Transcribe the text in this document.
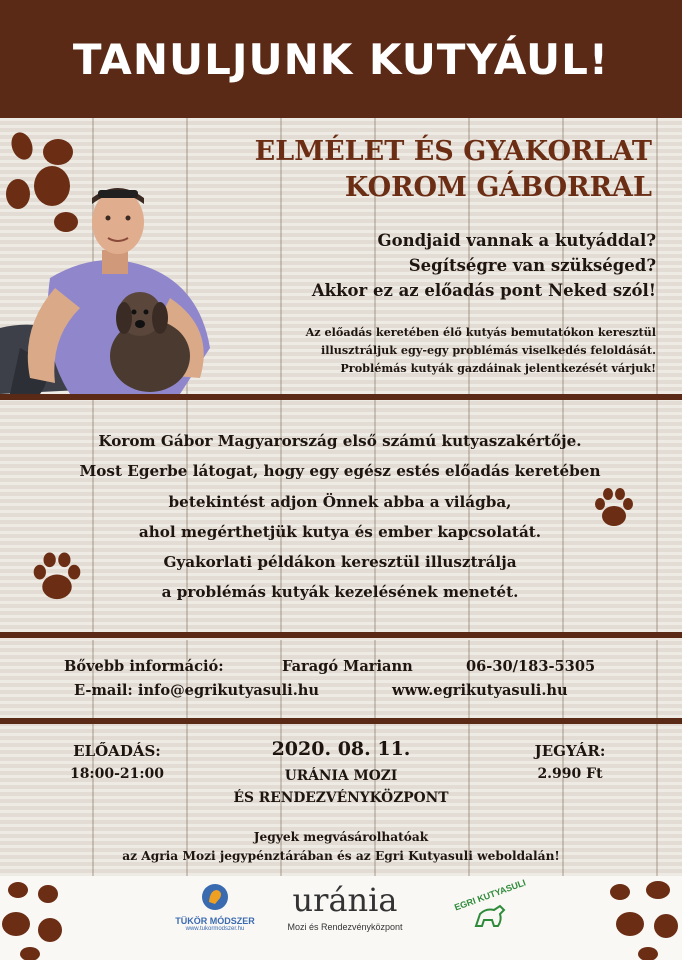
TANULJUNK KUTYÁUL!
ELMÉLET ÉS GYAKORLAT
KOROM GÁBORRAL
Gondjaid vannak a kutyáddal?
Segítségre van szükséged?
Akkor ez az előadás pont Neked szól!
Az előadás keretében élő kutyás bemutatókon keresztül
illusztráljuk egy-egy problémás viselkedés feloldását.
Problémás kutyák gazdáinak jelentkezését várjuk!
Korom Gábor Magyarország első számú kutyaszakértője.
Most Egerbe látogat, hogy egy egész estés előadás keretében
betekintést adjon Önnek abba a világba,
ahol megérthetjük kutya és ember kapcsolatát.
Gyakorlati példákon keresztül illusztrálja
a problémás kutyák kezelésének menetét.
Bővebb információ:	Faragó Mariann	06-30/183-5305
E-mail: info@egrikutyasuli.hu	www.egrikutyasuli.hu
ELŐADÁS:
18:00-21:00
2020. 08. 11.
URÁNIA MOZI
ÉS RENDEZVÉNYKÖZPONT
JEGYÁR:
2.990 Ft
Jegyek megvásárolhatóak
az Agria Mozi jegypénztárában és az Egri Kutyasuli weboldalán!
TÜKÖR MÓDSZER
www.tukormodszer.hu
uránia
Mozi és Rendezvényközpont
EGRI KUTYASULI
